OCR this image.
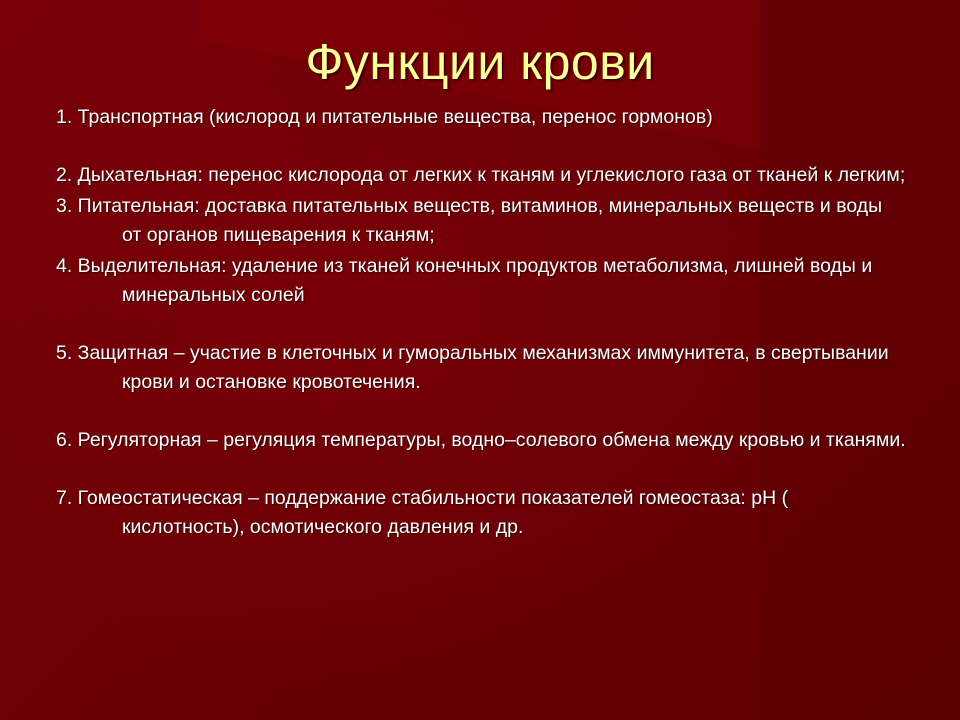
Функции крови
1. Транспортная (кислород и питательные вещества, перенос гормонов)
2. Дыхательная: перенос кислорода от легких к тканям и углекислого газа от тканей к легким;
3. Питательная: доставка питательных веществ, витаминов, минеральных веществ и воды от органов пищеварения к тканям;
4. Выделительная: удаление из тканей конечных продуктов метаболизма, лишней воды и минеральных солей
5. Защитная – участие в клеточных и гуморальных механизмах иммунитета, в свертывании крови и остановке кровотечения.
6. Регуляторная – регуляция температуры, водно–солевого обмена между кровью и тканями.
7. Гомеостатическая – поддержание стабильности показателей гомеостаза: рН ( кислотность), осмотического давления и др.
